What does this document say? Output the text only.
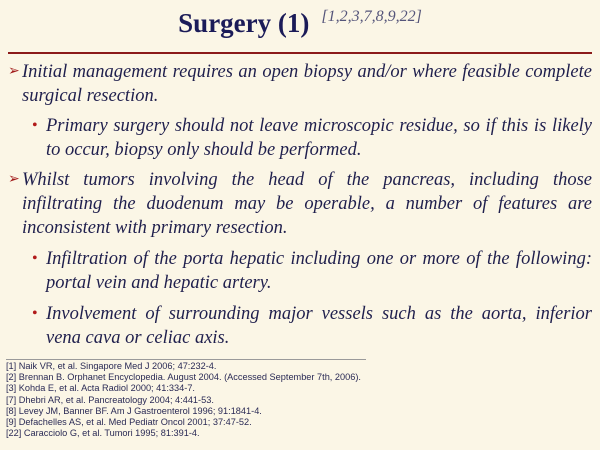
Surgery (1) [1,2,3,7,8,9,22]
➢ Initial management requires an open biopsy and/or where feasible complete surgical resection.
• Primary surgery should not leave microscopic residue, so if this is likely to occur, biopsy only should be performed.
➢ Whilst tumors involving the head of the pancreas, including those infiltrating the duodenum may be operable, a number of features are inconsistent with primary resection.
• Infiltration of the porta hepatic including one or more of the following: portal vein and hepatic artery.
• Involvement of surrounding major vessels such as the aorta, inferior vena cava or celiac axis.
[1] Naik VR, et al. Singapore Med J 2006; 47:232-4.
[2] Brennan B. Orphanet Encyclopedia. August 2004. (Accessed September 7th, 2006).
[3] Kohda E, et al. Acta Radiol 2000; 41:334-7.
[7] Dhebri AR, et al. Pancreatology 2004; 4:441-53.
[8] Levey JM, Banner BF. Am J Gastroenterol 1996; 91:1841-4.
[9] Defachelles AS, et al. Med Pediatr Oncol 2001; 37:47-52.
[22] Caracciolo G, et al. Tumori 1995; 81:391-4.
